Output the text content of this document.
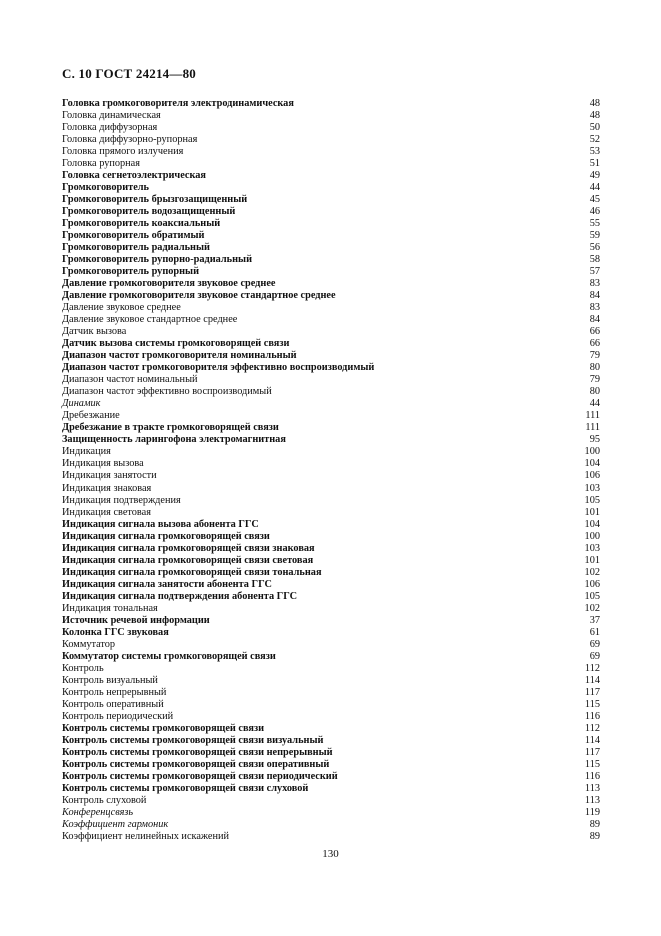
С. 10 ГОСТ 24214—80
Головка громкоговорителя электродинамическая	48
Головка динамическая	48
Головка диффузорная	50
Головка диффузорно-рупорная	52
Головка прямого излучения	53
Головка рупорная	51
Головка сегнетоэлектрическая	49
Громкоговоритель	44
Громкоговоритель брызгозащищенный	45
Громкоговоритель водозащищенный	46
Громкоговоритель коаксиальный	55
Громкоговоритель обратимый	59
Громкоговоритель радиальный	56
Громкоговоритель рупорно-радиальный	58
Громкоговоритель рупорный	57
Давление громкоговорителя звуковое среднее	83
Давление громкоговорителя звуковое стандартное среднее	84
Давление звуковое среднее	83
Давление звуковое стандартное среднее	84
Датчик вызова	66
Датчик вызова системы громкоговорящей связи	66
Диапазон частот громкоговорителя номинальный	79
Диапазон частот громкоговорителя эффективно воспроизводимый	80
Диапазон частот номинальный	79
Диапазон частот эффективно воспроизводимый	80
Динамик	44
Дребезжание	111
Дребезжание в тракте громкоговорящей связи	111
Защищенность ларингофона электромагнитная	95
Индикация	100
Индикация вызова	104
Индикация занятости	106
Индикация знаковая	103
Индикация подтверждения	105
Индикация световая	101
Индикация сигнала вызова абонента ГГС	104
Индикация сигнала громкоговорящей связи	100
Индикация сигнала громкоговорящей связи знаковая	103
Индикация сигнала громкоговорящей связи световая	101
Индикация сигнала громкоговорящей связи тональная	102
Индикация сигнала занятости абонента ГГС	106
Индикация сигнала подтверждения абонента ГГС	105
Индикация тональная	102
Источник речевой информации	37
Колонка ГГС звуковая	61
Коммутатор	69
Коммутатор системы громкоговорящей связи	69
Контроль	112
Контроль визуальный	114
Контроль непрерывный	117
Контроль оперативный	115
Контроль периодический	116
Контроль системы громкоговорящей связи	112
Контроль системы громкоговорящей связи визуальный	114
Контроль системы громкоговорящей связи непрерывный	117
Контроль системы громкоговорящей связи оперативный	115
Контроль системы громкоговорящей связи периодический	116
Контроль системы громкоговорящей связи слуховой	113
Контроль слуховой	113
Конференцсвязь	119
Коэффициент гармоник	89
Коэффициент нелинейных искажений	89
130
